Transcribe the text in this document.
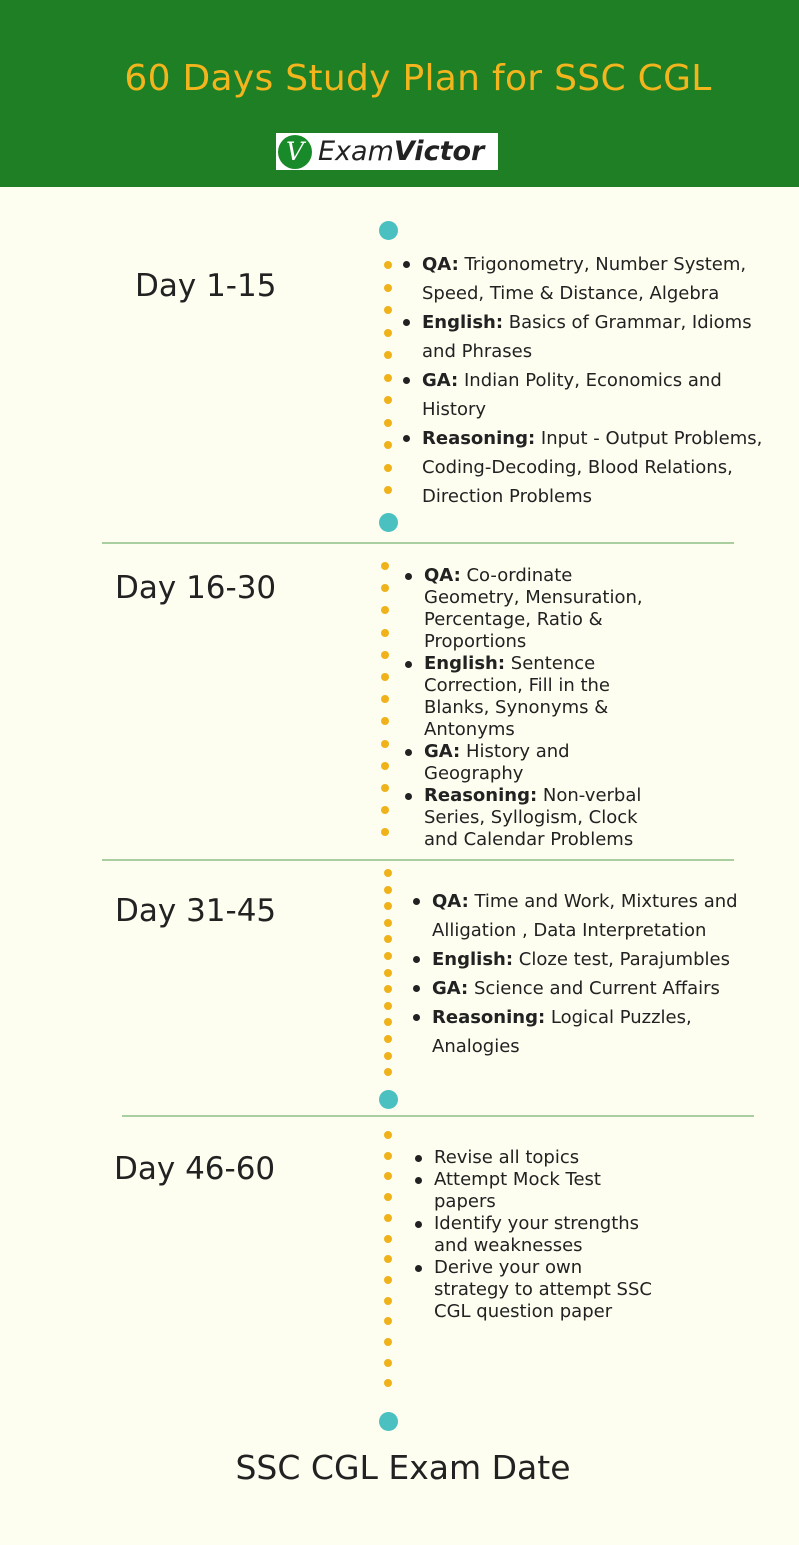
60 Days Study Plan for SSC CGL
V ExamVictor
Day 1-15
QA: Trigonometry, Number System, Speed, Time & Distance, Algebra
English: Basics of Grammar, Idioms and Phrases
GA: Indian Polity, Economics and History
Reasoning: Input - Output Problems, Coding-Decoding, Blood Relations, Direction Problems
Day 16-30	QA: Co-ordinate Geometry, Mensuration, Percentage, Ratio & Proportions
English: Sentence Correction, Fill in the Blanks, Synonyms & Antonyms
GA: History and Geography
Reasoning: Non-verbal Series, Syllogism, Clock and Calendar Problems
Day 31-45	QA: Time and Work, Mixtures and Alligation , Data Interpretation
English: Cloze test, Parajumbles
GA: Science and Current Affairs
Reasoning: Logical Puzzles, Analogies
Day 46-60	Revise all topics
Attempt Mock Test papers
Identify your strengths and weaknesses
Derive your own strategy to attempt SSC CGL question paper
SSC CGL Exam Date
